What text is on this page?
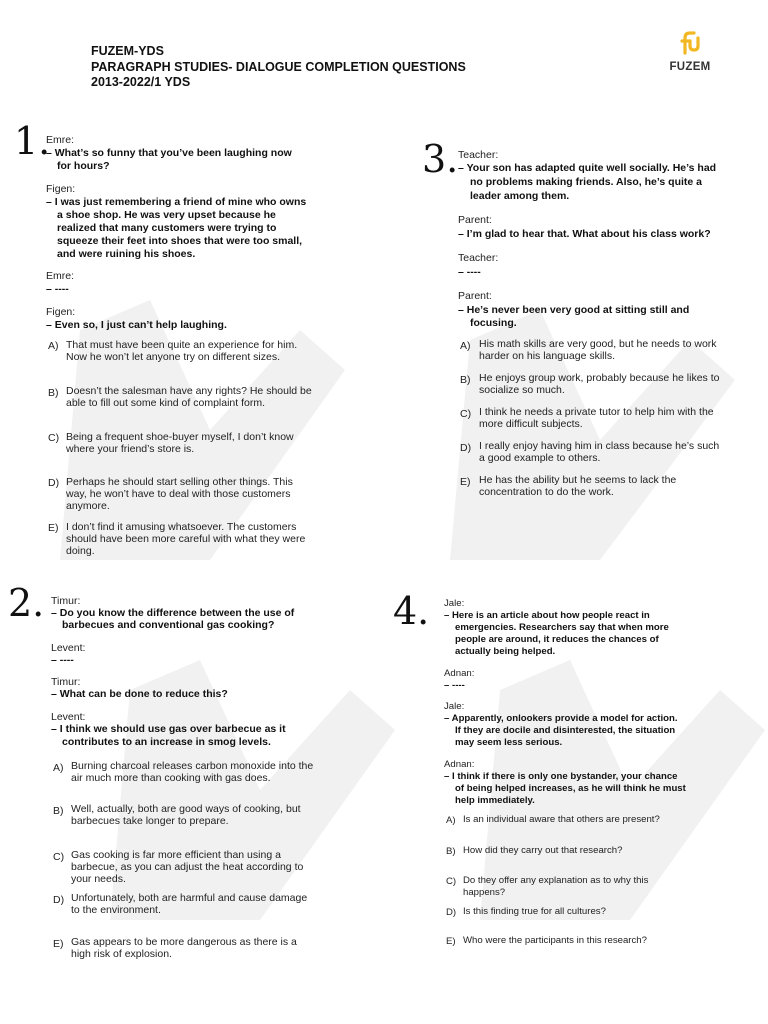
FUZEM-YDS
PARAGRAPH STUDIES- DIALOGUE COMPLETION QUESTIONS
2013-2022/1 YDS
FUZEM
1.
Emre:
– What’s so funny that you’ve been laughing now
for hours?
Figen:
– I was just remembering a friend of mine who owns
a shoe shop. He was very upset because he
realized that many customers were trying to
squeeze their feet into shoes that were too small,
and were ruining his shoes.
Emre:
– ----
Figen:
– Even so, I just can’t help laughing.
A) That must have been quite an experience for him.
Now he won’t let anyone try on different sizes.
B) Doesn’t the salesman have any rights? He should be
able to fill out some kind of complaint form.
C) Being a frequent shoe-buyer myself, I don’t know
where your friend’s store is.
D) Perhaps he should start selling other things. This
way, he won’t have to deal with those customers
anymore.
E) I don’t find it amusing whatsoever. The customers
should have been more careful with what they were
doing.
3. Teacher:
– Your son has adapted quite well socially. He’s had
no problems making friends. Also, he’s quite a
leader among them.
Parent:
– I’m glad to hear that. What about his class work?
Teacher:
– ----
Parent:
– He’s never been very good at sitting still and
focusing.
A) His math skills are very good, but he needs to work
harder on his language skills.
B) He enjoys group work, probably because he likes to
socialize so much.
C) I think he needs a private tutor to help him with the
more difficult subjects.
D) I really enjoy having him in class because he’s such
a good example to others.
E) He has the ability but he seems to lack the
concentration to do the work.
2. Timur:
– Do you know the difference between the use of
barbecues and conventional gas cooking?
Levent:
– ----
Timur:
– What can be done to reduce this?
Levent:
– I think we should use gas over barbecue as it
contributes to an increase in smog levels.
A) Burning charcoal releases carbon monoxide into the
air much more than cooking with gas does.
B) Well, actually, both are good ways of cooking, but
barbecues take longer to prepare.
C) Gas cooking is far more efficient than using a
barbecue, as you can adjust the heat according to
your needs.
D) Unfortunately, both are harmful and cause damage
to the environment.
E) Gas appears to be more dangerous as there is a
high risk of explosion.
4. Jale:
– Here is an article about how people react in
emergencies. Researchers say that when more
people are around, it reduces the chances of
actually being helped.
Adnan:
– ----
Jale:
– Apparently, onlookers provide a model for action.
If they are docile and disinterested, the situation
may seem less serious.
Adnan:
– I think if there is only one bystander, your chance
of being helped increases, as he will think he must
help immediately.
A) Is an individual aware that others are present?
B) How did they carry out that research?
C) Do they offer any explanation as to why this
happens?
D) Is this finding true for all cultures?
E) Who were the participants in this research?
